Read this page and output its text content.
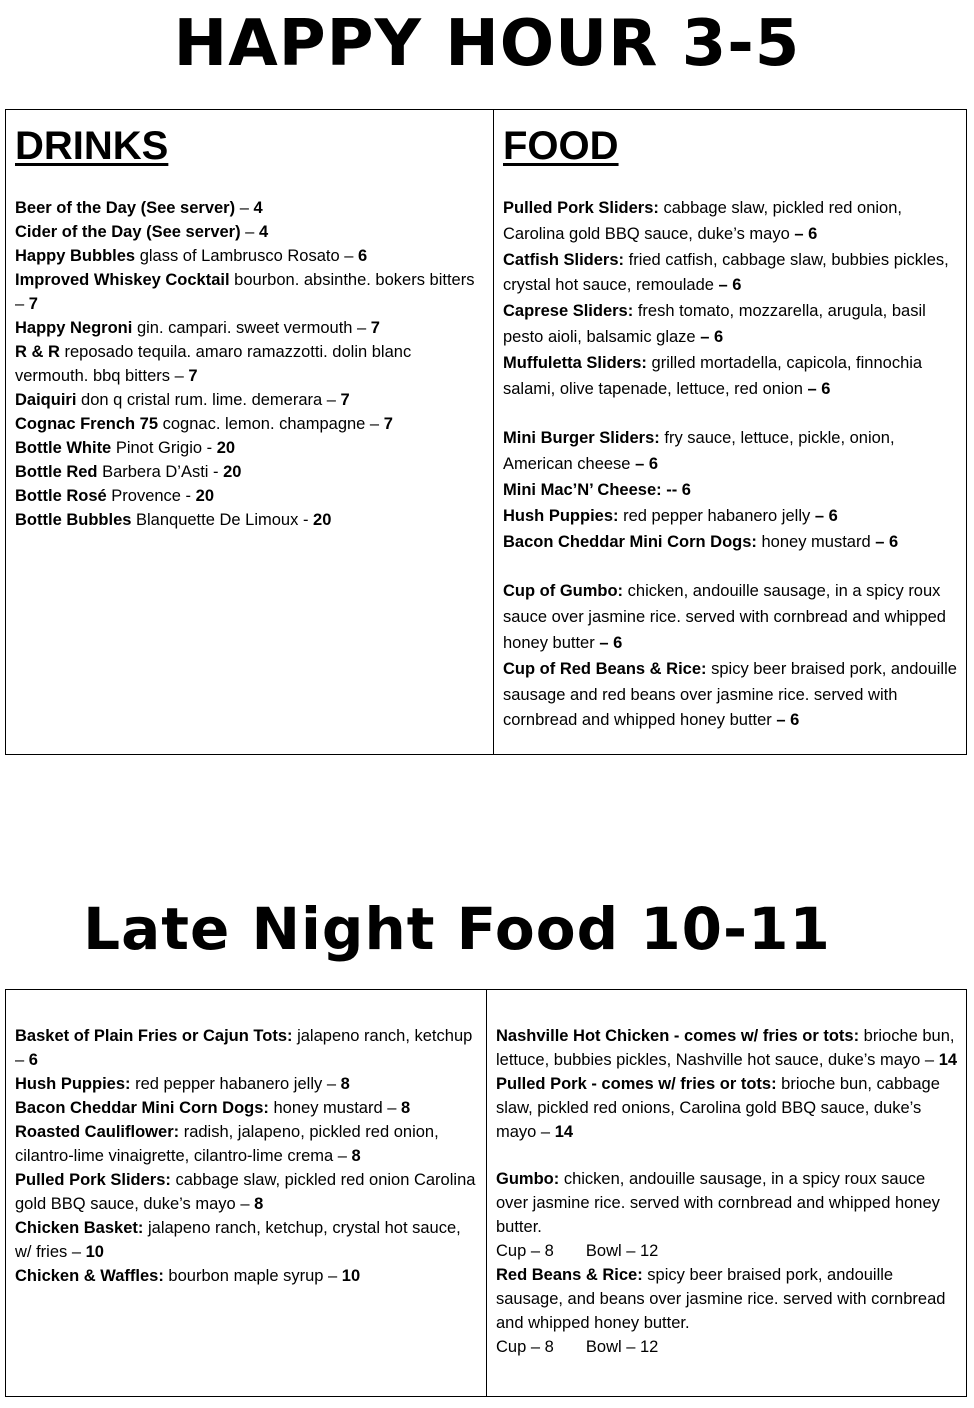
HAPPY HOUR 3-5
DRINKS

Beer of the Day (See server) – 4

Cider of the Day (See server) – 4

Happy Bubbles glass of Lambrusco Rosato – 6

Improved Whiskey Cocktail bourbon. absinthe. bokers bitters – 7

Happy Negroni gin. campari. sweet vermouth – 7

R & R reposado tequila. amaro ramazzotti. dolin blanc vermouth. bbq bitters – 7

Daiquiri don q cristal rum. lime. demerara – 7

Cognac French 75 cognac. lemon. champagne – 7

Bottle White Pinot Grigio - 20

Bottle Red Barbera D’Asti - 20

Bottle Rosé Provence - 20

Bottle Bubbles Blanquette De Limoux - 20

FOOD

Pulled Pork Sliders: cabbage slaw, pickled red onion, Carolina gold BBQ sauce, duke’s mayo – 6

Catfish Sliders: fried catfish, cabbage slaw, bubbies pickles, crystal hot sauce, remoulade – 6

Caprese Sliders: fresh tomato, mozzarella, arugula, basil pesto aioli, balsamic glaze – 6

Muffuletta Sliders: grilled mortadella, capicola, finnochia salami, olive tapenade, lettuce, red onion – 6

Mini Burger Sliders: fry sauce, lettuce, pickle, onion, American cheese – 6

Mini Mac’N’ Cheese: -- 6

Hush Puppies: red pepper habanero jelly – 6

Bacon Cheddar Mini Corn Dogs: honey mustard – 6

Cup of Gumbo: chicken, andouille sausage, in a spicy roux sauce over jasmine rice. served with cornbread and whipped honey butter – 6

Cup of Red Beans & Rice: spicy beer braised pork, andouille sausage and red beans over jasmine rice. served with cornbread and whipped honey butter – 6

Late Night Food 10-11

Basket of Plain Fries or Cajun Tots: jalapeno ranch, ketchup – 6

Hush Puppies: red pepper habanero jelly – 8

Bacon Cheddar Mini Corn Dogs: honey mustard – 8

Roasted Cauliflower: radish, jalapeno, pickled red onion, cilantro-lime vinaigrette, cilantro-lime crema – 8

Pulled Pork Sliders: cabbage slaw, pickled red onion Carolina gold BBQ sauce, duke’s mayo – 8

Chicken Basket: jalapeno ranch, ketchup, crystal hot sauce, w/ fries – 10

Chicken & Waffles: bourbon maple syrup – 10

Nashville Hot Chicken - comes w/ fries or tots: brioche bun, lettuce, bubbies pickles, Nashville hot sauce, duke’s mayo – 14

Pulled Pork - comes w/ fries or tots: brioche bun, cabbage slaw, pickled red onions, Carolina gold BBQ sauce, duke’s mayo – 14

Gumbo: chicken, andouille sausage, in a spicy roux sauce over jasmine rice. served with cornbread and whipped honey butter.

Cup – 8 Bowl – 12

Red Beans & Rice: spicy beer braised pork, andouille sausage, and beans over jasmine rice. served with cornbread and whipped honey butter.

Cup – 8 Bowl – 12
